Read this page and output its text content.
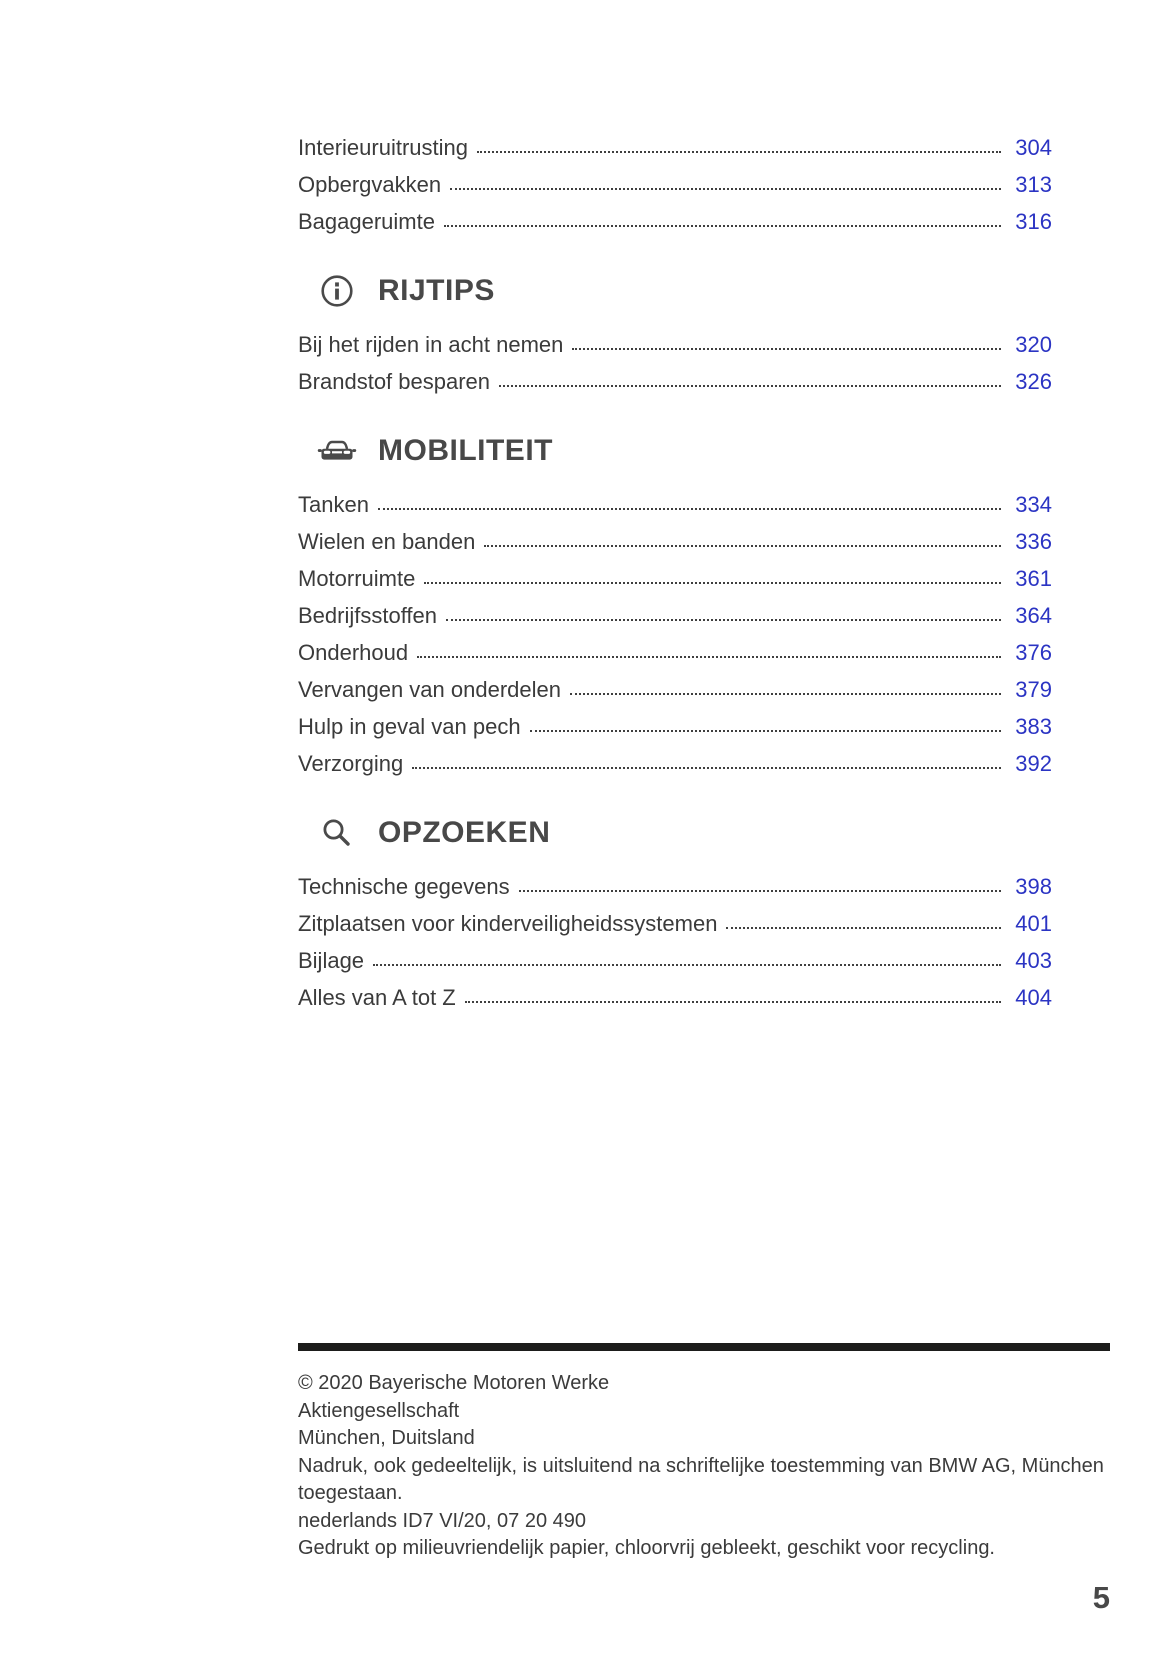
Interieuruitrusting	304
Opbergvakken	313
Bagageruimte	316
RIJTIPS
Bij het rijden in acht nemen	320
Brandstof besparen	326
MOBILITEIT
Tanken	334
Wielen en banden	336
Motorruimte	361
Bedrijfsstoffen	364
Onderhoud	376
Vervangen van onderdelen	379
Hulp in geval van pech	383
Verzorging	392
OPZOEKEN
Technische gegevens	398
Zitplaatsen voor kinderveiligheidssystemen	401
Bijlage	403
Alles van A tot Z	404
© 2020 Bayerische Motoren Werke
Aktiengesellschaft
München, Duitsland
Nadruk, ook gedeeltelijk, is uitsluitend na schriftelijke toestemming van BMW AG, München
toegestaan.
nederlands ID7 VI/20, 07 20 490
Gedrukt op milieuvriendelijk papier, chloorvrij gebleekt, geschikt voor recycling.
5
